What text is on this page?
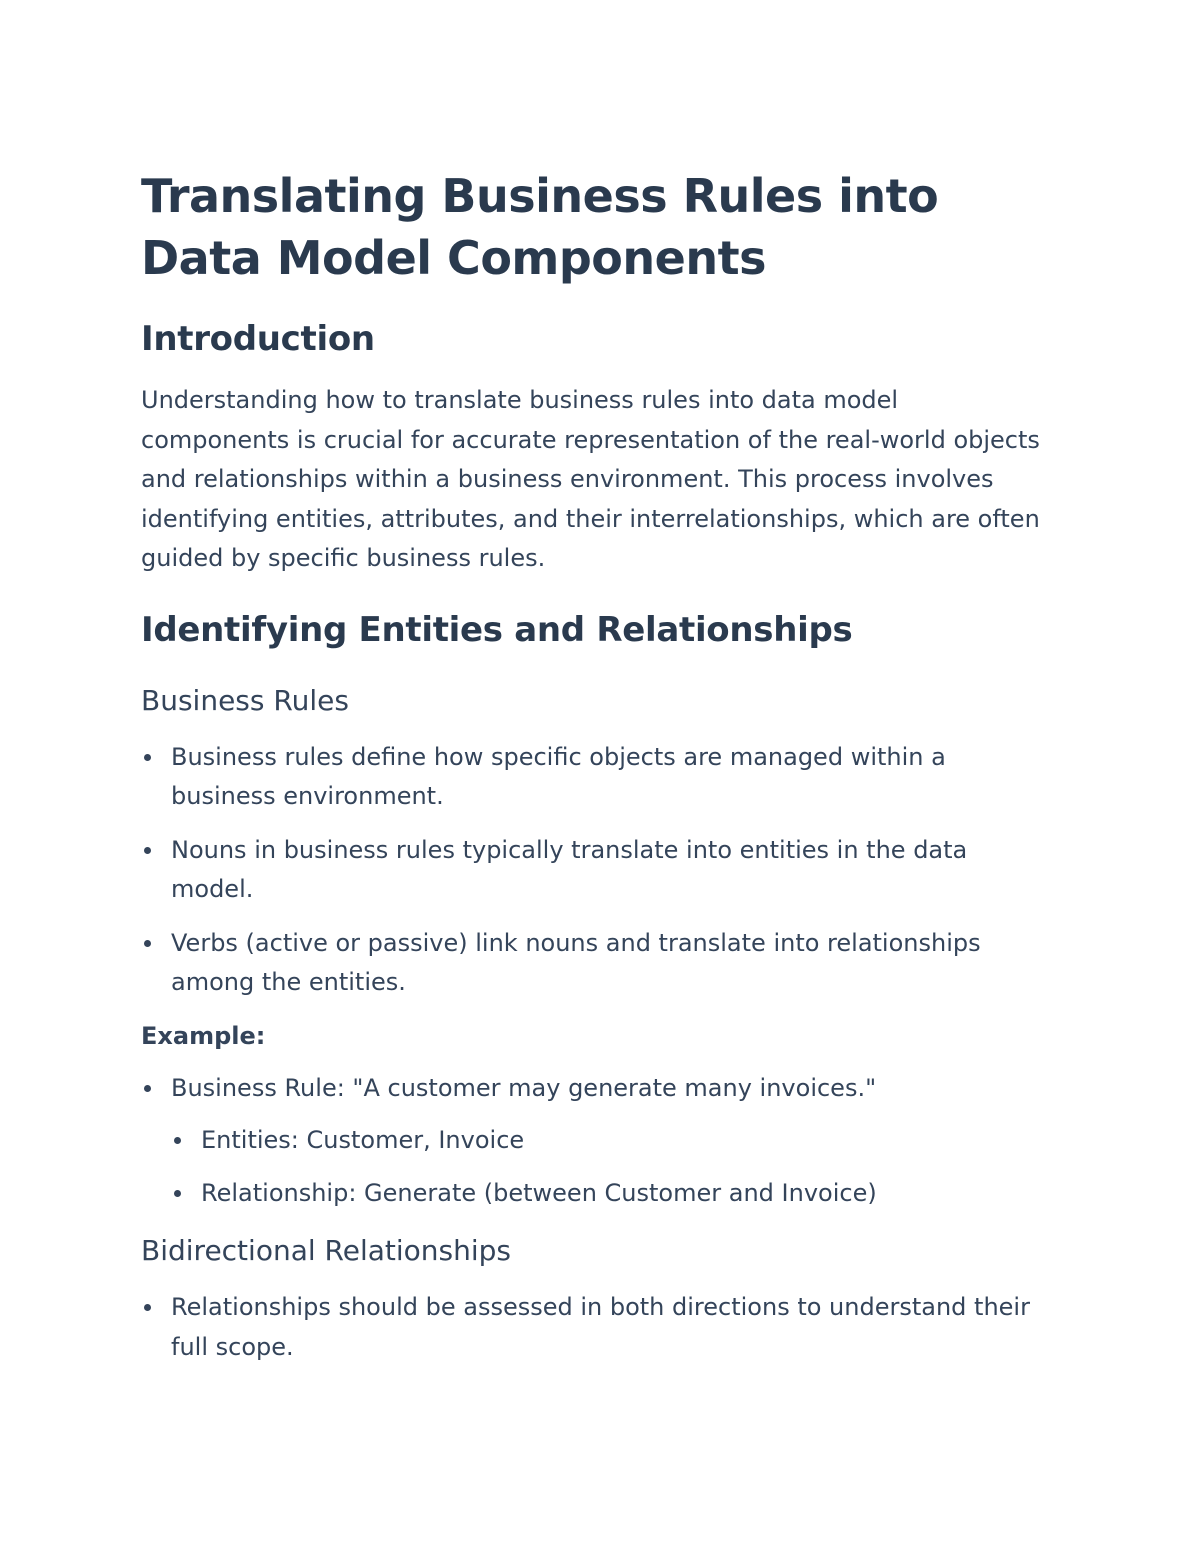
Translating Business Rules into Data Model Components
Introduction

Understanding how to translate business rules into data model components is crucial for accurate representation of the real-world objects and relationships within a business environment. This process involves identifying entities, attributes, and their interrelationships, which are often guided by specific business rules.

Identifying Entities and Relationships
Business Rules
Business rules define how specific objects are managed within a business environment.
Nouns in business rules typically translate into entities in the data model.
Verbs (active or passive) link nouns and translate into relationships among the entities.
Example:
Business Rule: "A customer may generate many invoices."
Entities: Customer, Invoice
Relationship: Generate (between Customer and Invoice)
Bidirectional Relationships
Relationships should be assessed in both directions to understand their full scope.
